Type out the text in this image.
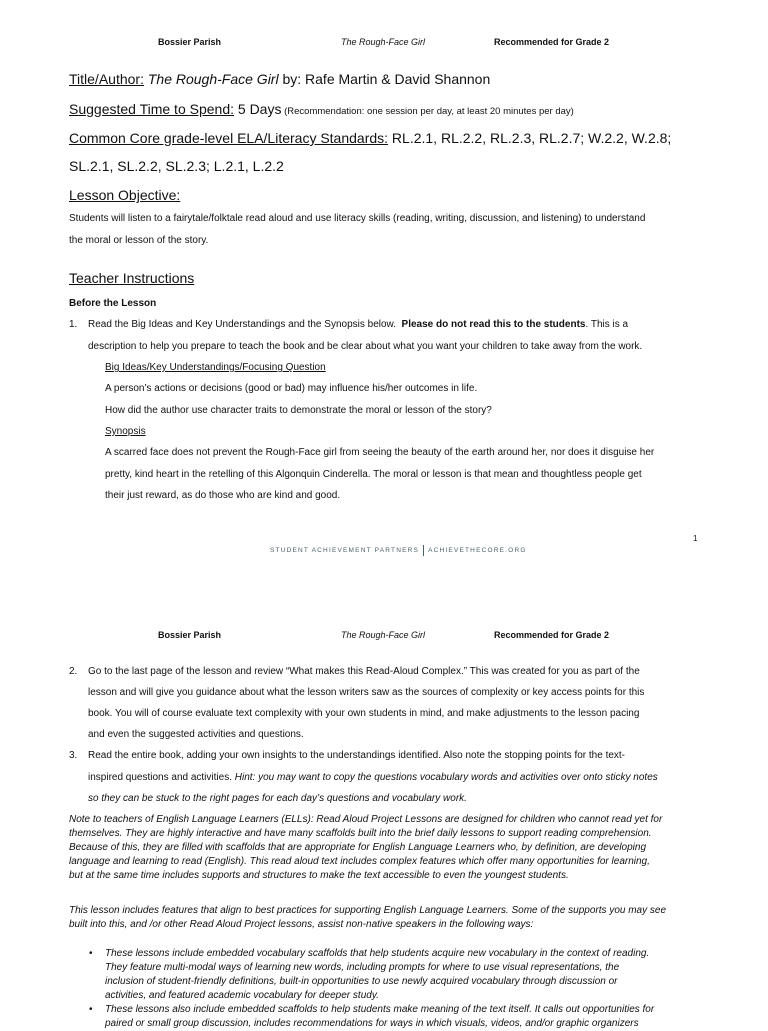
Bossier Parish	The Rough-Face Girl	Recommended for Grade 2
Title/Author: The Rough-Face Girl by: Rafe Martin & David Shannon
Suggested Time to Spend: 5 Days (Recommendation: one session per day, at least 20 minutes per day)
Common Core grade-level ELA/Literacy Standards: RL.2.1, RL.2.2, RL.2.3, RL.2.7; W.2.2, W.2.8;
SL.2.1, SL.2.2, SL.2.3; L.2.1, L.2.2
Lesson Objective:
Students will listen to a fairytale/folktale read aloud and use literacy skills (reading, writing, discussion, and listening) to understand
the moral or lesson of the story.
Teacher Instructions
Before the Lesson
1. Read the Big Ideas and Key Understandings and the Synopsis below. Please do not read this to the students. This is a
description to help you prepare to teach the book and be clear about what you want your children to take away from the work.
Big Ideas/Key Understandings/Focusing Question
A person’s actions or decisions (good or bad) may influence his/her outcomes in life.
How did the author use character traits to demonstrate the moral or lesson of the story?
Synopsis
A scarred face does not prevent the Rough-Face girl from seeing the beauty of the earth around her, nor does it disguise her
pretty, kind heart in the retelling of this Algonquin Cinderella. The moral or lesson is that mean and thoughtless people get
their just reward, as do those who are kind and good.
1
STUDENT ACHIEVEMENT PARTNERS ACHIEVETHECORE.ORG
Bossier Parish	The Rough-Face Girl	Recommended for Grade 2
2. Go to the last page of the lesson and review “What makes this Read-Aloud Complex.” This was created for you as part of the
lesson and will give you guidance about what the lesson writers saw as the sources of complexity or key access points for this
book. You will of course evaluate text complexity with your own students in mind, and make adjustments to the lesson pacing
and even the suggested activities and questions.
3. Read the entire book, adding your own insights to the understandings identified. Also note the stopping points for the text-
inspired questions and activities. Hint: you may want to copy the questions vocabulary words and activities over onto sticky notes
so they can be stuck to the right pages for each day’s questions and vocabulary work.
Note to teachers of English Language Learners (ELLs): Read Aloud Project Lessons are designed for children who cannot read yet for
themselves. They are highly interactive and have many scaffolds built into the brief daily lessons to support reading comprehension.
Because of this, they are filled with scaffolds that are appropriate for English Language Learners who, by definition, are developing
language and learning to read (English). This read aloud text includes complex features which offer many opportunities for learning,
but at the same time includes supports and structures to make the text accessible to even the youngest students.
This lesson includes features that align to best practices for supporting English Language Learners. Some of the supports you may see
built into this, and /or other Read Aloud Project lessons, assist non-native speakers in the following ways:
• These lessons include embedded vocabulary scaffolds that help students acquire new vocabulary in the context of reading.
They feature multi-modal ways of learning new words, including prompts for where to use visual representations, the
inclusion of student-friendly definitions, built-in opportunities to use newly acquired vocabulary through discussion or
activities, and featured academic vocabulary for deeper study.
• These lessons also include embedded scaffolds to help students make meaning of the text itself. It calls out opportunities for
paired or small group discussion, includes recommendations for ways in which visuals, videos, and/or graphic organizers
